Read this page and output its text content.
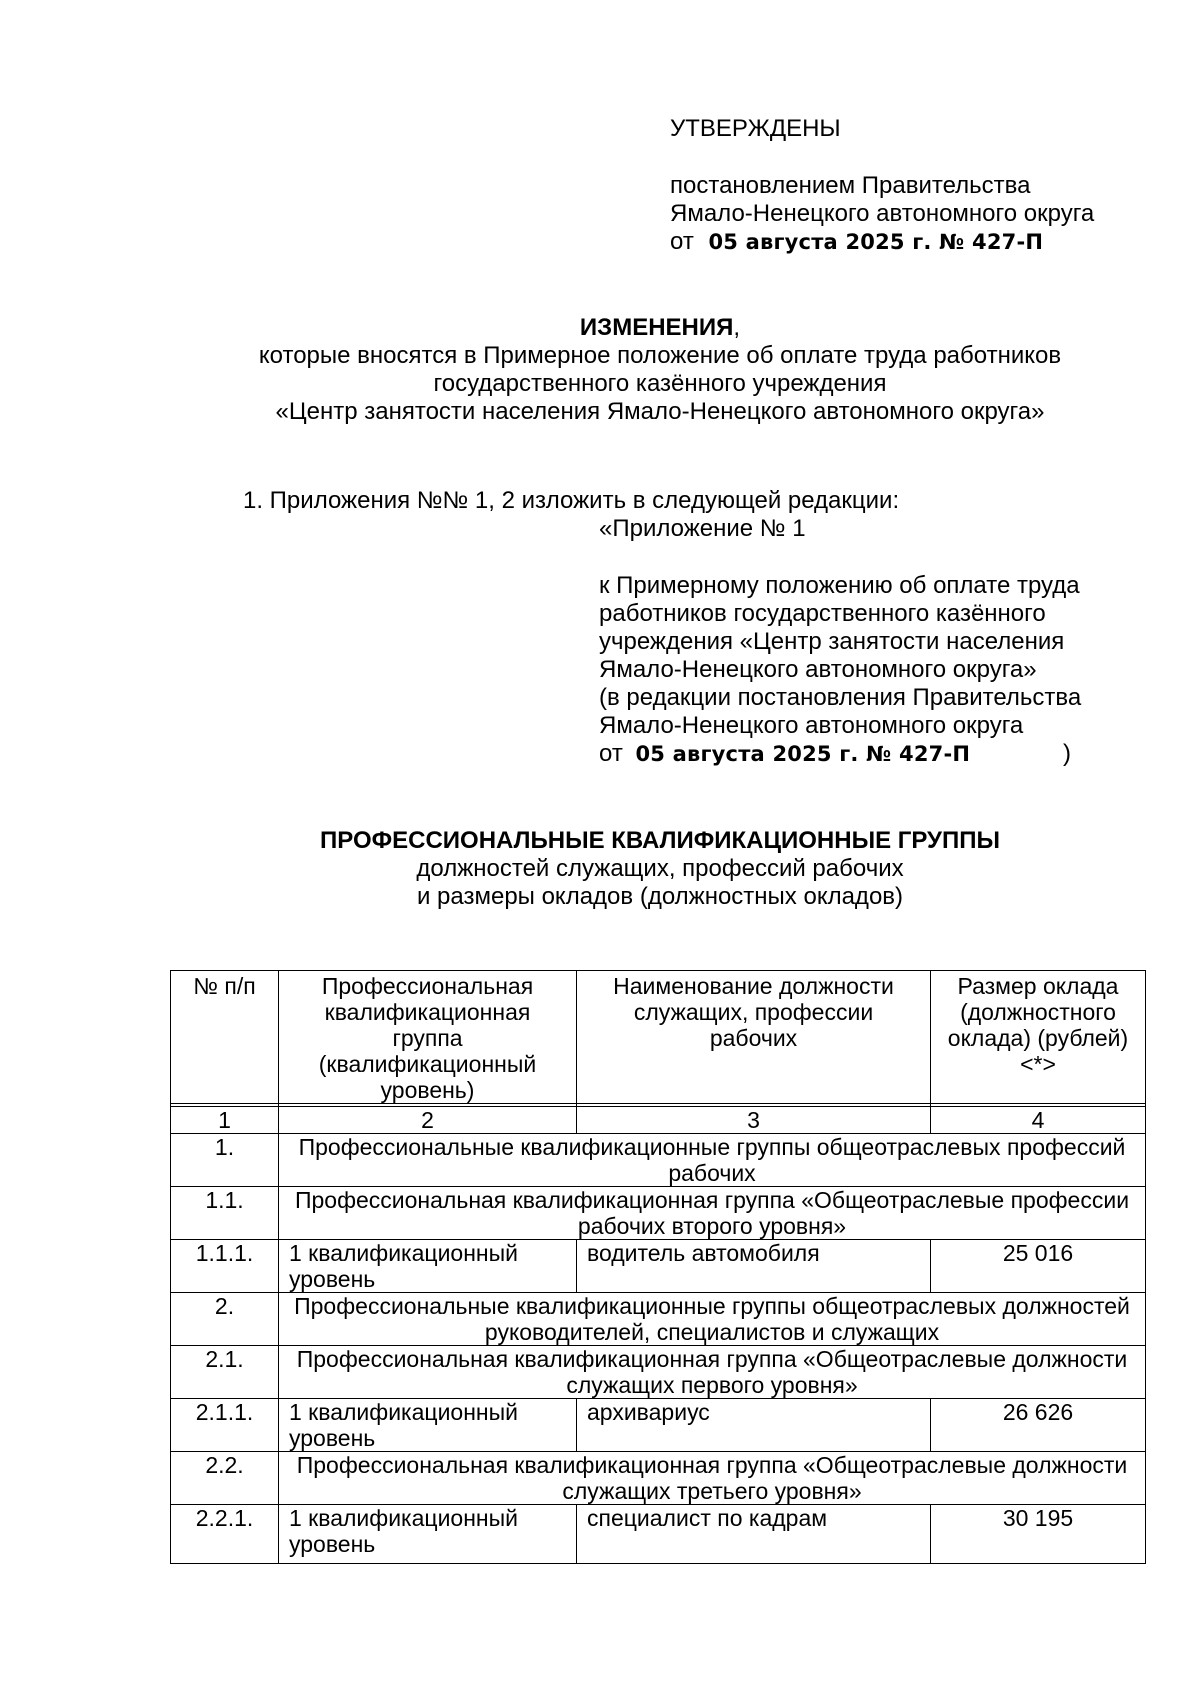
УТВЕРЖДЕНЫ
постановлением Правительства
Ямало-Ненецкого автономного округа
от 05 августа 2025 г. № 427-П
ИЗМЕНЕНИЯ,
которые вносятся в Примерное положение об оплате труда работников
государственного казённого учреждения
«Центр занятости населения Ямало-Ненецкого автономного округа»
1. Приложения №№ 1, 2 изложить в следующей редакции:
«Приложение № 1
к Примерному положению об оплате труда
работников государственного казённого
учреждения «Центр занятости населения
Ямало-Ненецкого автономного округа»
(в редакции постановления Правительства
Ямало-Ненецкого автономного округа
от 05 августа 2025 г. № 427-П	)
ПРОФЕССИОНАЛЬНЫЕ КВАЛИФИКАЦИОННЫЕ ГРУППЫ
должностей служащих, профессий рабочих
и размеры окладов (должностных окладов)
№ п/п	Профессиональная квалификационная группа (квалификационный уровень)	Наименование должности служащих, профессии рабочих	Размер оклада (должностного оклада) (рублей)<*>

1	2	3	4
1.	Профессиональные квалификационные группы общеотраслевых профессий рабочих		
1.1.	Профессиональная квалификационная группа «Общеотраслевые профессии рабочих второго уровня»		
1.1.1.	1 квалификационный уровень	водитель автомобиля	25 016
2.	Профессиональные квалификационные группы общеотраслевых должностей руководителей, специалистов и служащих		
2.1.	Профессиональная квалификационная группа «Общеотраслевые должности служащих первого уровня»		
2.1.1.	1 квалификационный уровень	архивариус	26 626
2.2.	Профессиональная квалификационная группа «Общеотраслевые должности служащих третьего уровня»		
2.2.1.	1 квалификационный уровень	специалист по кадрам	30 195
